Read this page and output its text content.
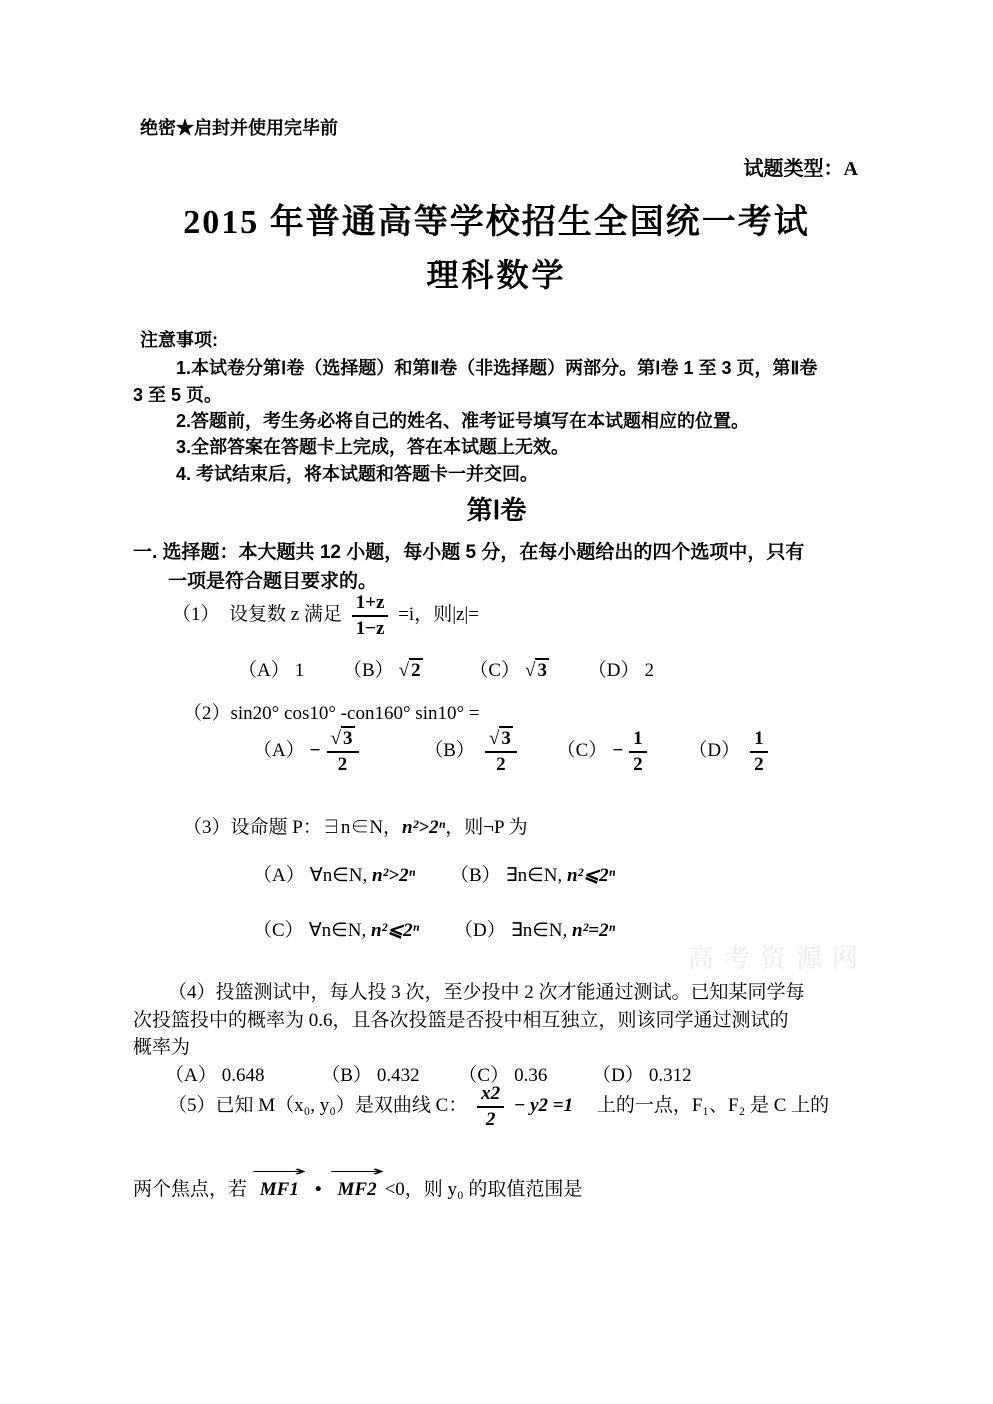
绝密★启封并使用完毕前
试题类型：A
2015 年普通高等学校招生全国统一考试
理科数学
注意事项:
1.本试卷分第Ⅰ卷（选择题）和第Ⅱ卷（非选择题）两部分。第Ⅰ卷 1 至 3 页，第Ⅱ卷
3 至 5 页。
2.答题前，考生务必将自己的姓名、准考证号填写在本试题相应的位置。
3.全部答案在答题卡上完成，答在本试题上无效。
4. 考试结束后，将本试题和答题卡一并交回。
第Ⅰ卷
一. 选择题：本大题共 12 小题，每小题 5 分，在每小题给出的四个选项中，只有
一项是符合题目要求的。
（1）　设复数 z 满足 $\frac{1+z}{1-z} =i$，则|z|=
（A） 1 （B） √ 2	（C） √ 3 （D） 2
（2）sin20° cos10° -con160° sin10° =
$(A) - \frac{√ 3}{2}$	$(B) \frac{√ 3}{2} (C) - \frac{1}{2} (D) \frac{1}{2}$
（3）设命题 P：∃n∈N，n²>2ⁿ，则¬P 为
（A） ∀n∈N, n²>2ⁿ （B） ∃n∈N, n²⩽2ⁿ
（C） ∀n∈N, n²⩽2ⁿ （D） ∃n∈N, n²=2ⁿ
（4）投篮测试中，每人投 3 次，至少投中 2 次才能通过测试。已知某同学每
次投篮投中的概率为 0.6，且各次投篮是否投中相互独立，则该同学通过测试的
概率为
（A） 0.648	（B） 0.432 （C） 0.36 （D） 0.312
（5）已知 M（x₀, y₀）是双曲线 C： $\frac{x2}{2} - y2 =1$ 　上的一点，F₁、F₂ 是 C 上的
两个焦点，若
⟶
MF1 •
⟶
MF2 <0，则 y₀ 的取值范围是
高考资源网
